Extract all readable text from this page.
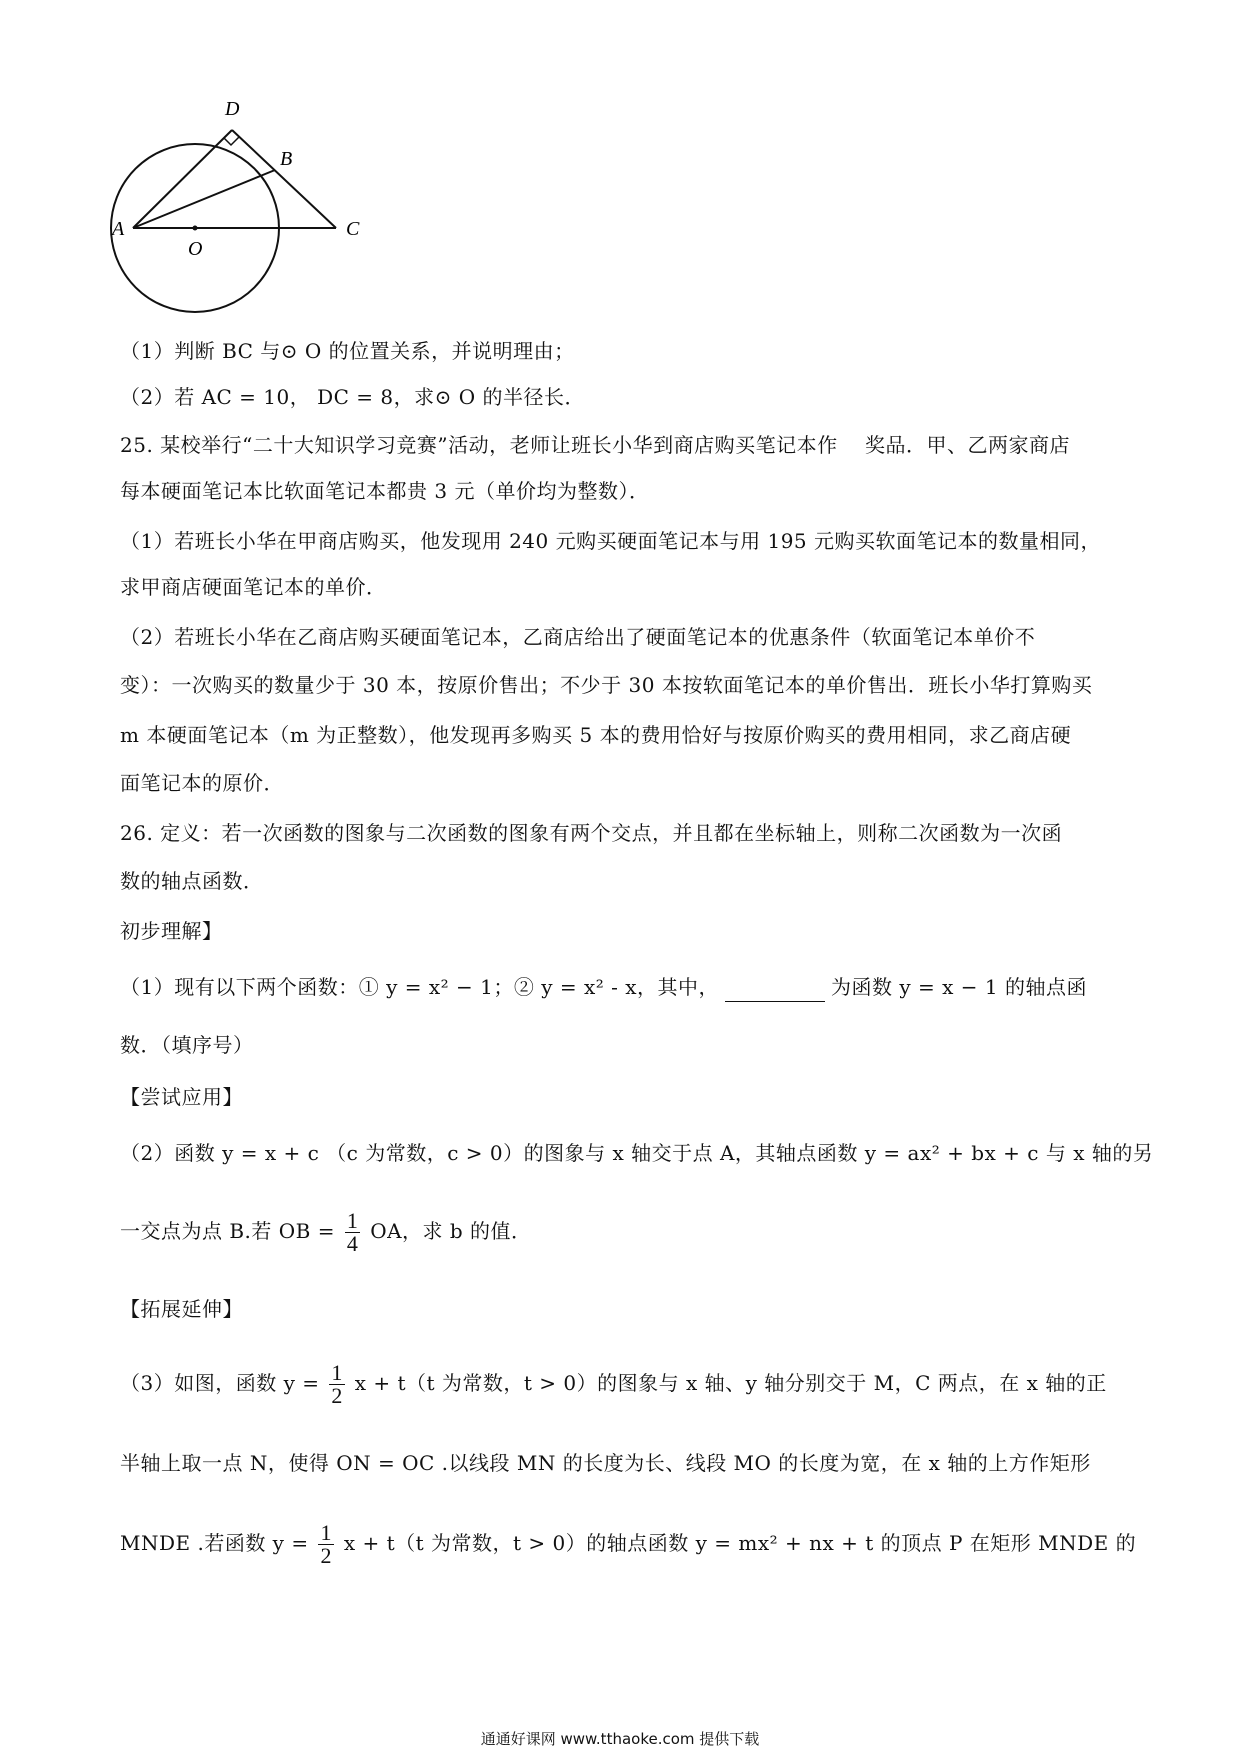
D
B
A	C
O
（1）判断 BC 与⊙ O 的位置关系，并说明理由；
（2）若 AC = 10， DC = 8，求⊙ O 的半径长．
25. 某校举行“二十大知识学习竞赛”活动，老师让班长小华到商店购买笔记本作　 奖品．甲、乙两家商店
每本硬面笔记本比软面笔记本都贵 3 元（单价均为整数）．
（1）若班长小华在甲商店购买，他发现用 240 元购买硬面笔记本与用 195 元购买软面笔记本的数量相同，
求甲商店硬面笔记本的单价．
（2）若班长小华在乙商店购买硬面笔记本，乙商店给出了硬面笔记本的优惠条件（软面笔记本单价不
变）：一次购买的数量少于 30 本，按原价售出；不少于 30 本按软面笔记本的单价售出．班长小华打算购买
m 本硬面笔记本（m 为正整数），他发现再多购买 5 本的费用恰好与按原价购买的费用相同，求乙商店硬
面笔记本的原价．
26. 定义：若一次函数的图象与二次函数的图象有两个交点，并且都在坐标轴上，则称二次函数为一次函
数的轴点函数．
初步理解】
（1）现有以下两个函数：① y = x² − 1；② y = x² - x，其中，	为函数 y = x − 1 的轴点函
数．（填序号）
【尝试应用】
（2）函数 y = x + c （c 为常数，c > 0）的图象与 x 轴交于点 A，其轴点函数 y = ax² + bx + c 与 x 轴的另
一交点为点 B.若 OB = $\frac{1}{4}$ OA，求 b 的值．
【拓展延伸】
（3）如图，函数 $y = \frac{1}{2}$ x + t（t 为常数，t > 0）的图象与 x 轴、y 轴分别交于 M，C 两点，在 x 轴的正
半轴上取一点 N，使得 ON = OC .以线段 MN 的长度为长、线段 MO 的长度为宽，在 x 轴的上方作矩形
MNDE .若函数 $y = \frac{1}{2}$ x + t（t 为常数，t > 0）的轴点函数 y = mx² + nx + t 的顶点 P 在矩形 MNDE 的
通通好课网 www.tthaoke.com 提供下载
